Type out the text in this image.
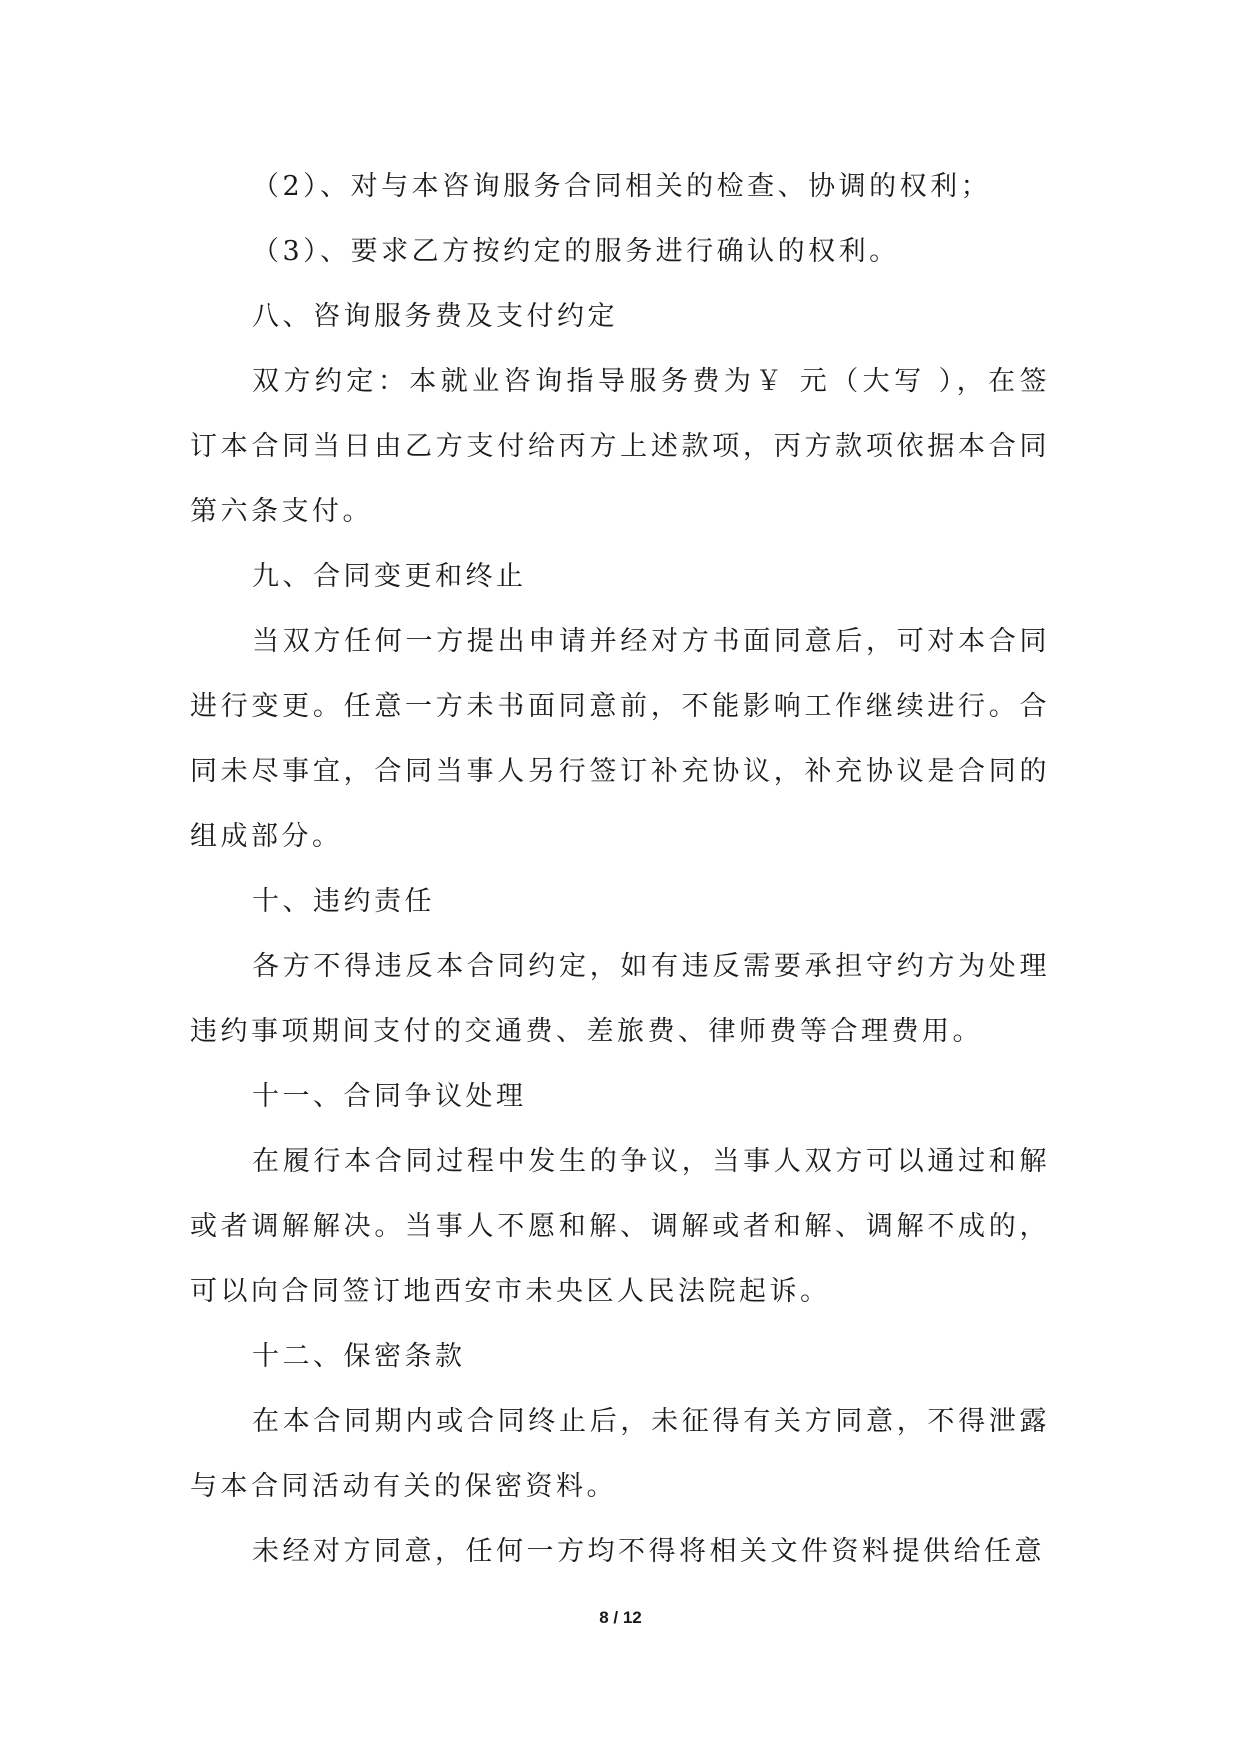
（2）、对与本咨询服务合同相关的检查、协调的权利；

（3）、要求乙方按约定的服务进行确认的权利。

八、咨询服务费及支付约定

双方约定：本就业咨询指导服务费为￥ 元（大写 ），在签订本合同当日由乙方支付给丙方上述款项，丙方款项依据本合同第六条支付。

九、合同变更和终止

当双方任何一方提出申请并经对方书面同意后，可对本合同进行变更。任意一方未书面同意前，不能影响工作继续进行。合同未尽事宜，合同当事人另行签订补充协议，补充协议是合同的组成部分。

十、违约责任

各方不得违反本合同约定，如有违反需要承担守约方为处理违约事项期间支付的交通费、差旅费、律师费等合理费用。

十一、合同争议处理

在履行本合同过程中发生的争议，当事人双方可以通过和解或者调解解决。当事人不愿和解、调解或者和解、调解不成的，可以向合同签订地西安市未央区人民法院起诉。

十二、保密条款

在本合同期内或合同终止后，未征得有关方同意，不得泄露与本合同活动有关的保密资料。

未经对方同意，任何一方均不得将相关文件资料提供给任意

8 / 12
